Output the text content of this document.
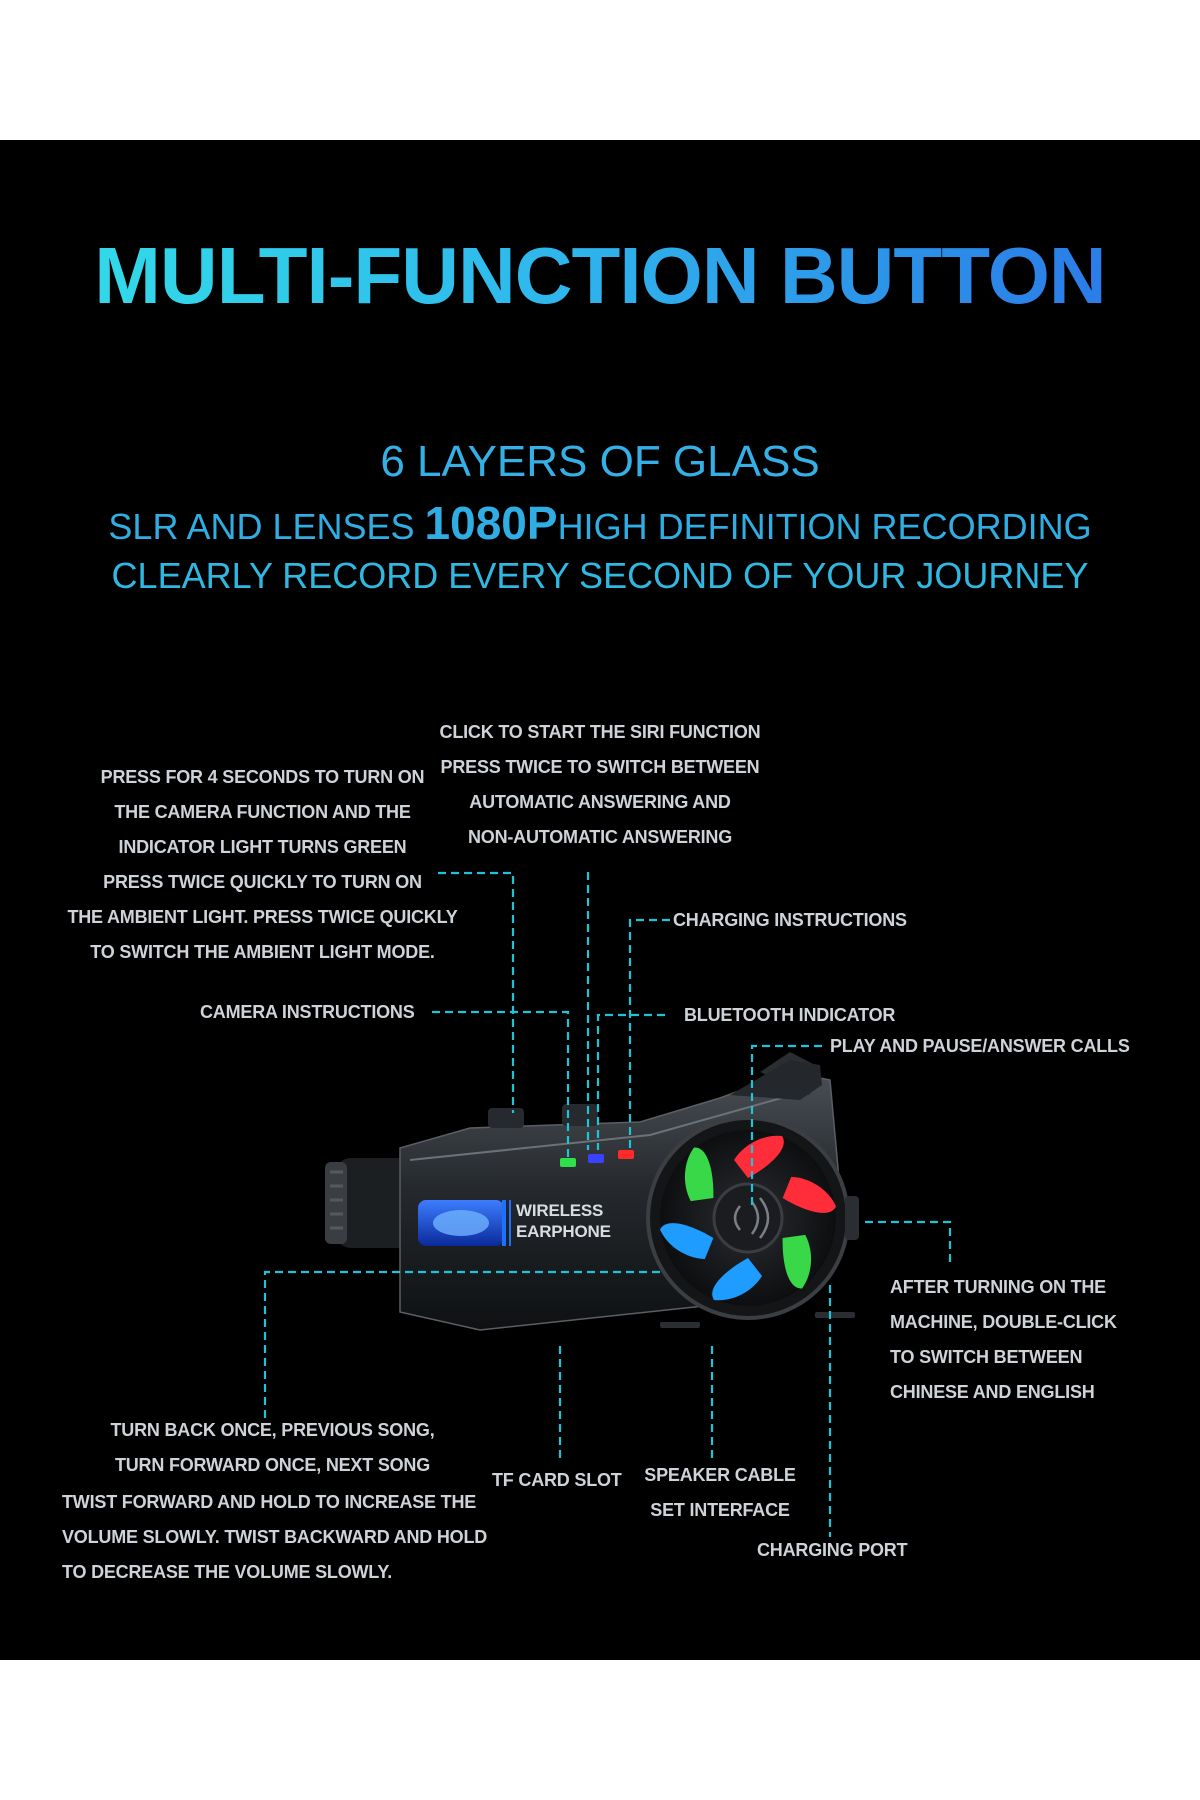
MULTI-FUNCTION BUTTON
6 LAYERS OF GLASS
SLR AND LENSES 1080PHIGH DEFINITION RECORDING
CLEARLY RECORD EVERY SECOND OF YOUR JOURNEY
PRESS FOR 4 SECONDS TO TURN ON
THE CAMERA FUNCTION AND THE
INDICATOR LIGHT TURNS GREEN
PRESS TWICE QUICKLY TO TURN ON
THE AMBIENT LIGHT. PRESS TWICE QUICKLY
TO SWITCH THE AMBIENT LIGHT MODE.
CLICK TO START THE SIRI FUNCTION
PRESS TWICE TO SWITCH BETWEEN
AUTOMATIC ANSWERING AND
NON-AUTOMATIC ANSWERING
CHARGING INSTRUCTIONS
CAMERA INSTRUCTIONS	BLUETOOTH INDICATOR
PLAY AND PAUSE/ANSWER CALLS
AFTER TURNING ON THE
MACHINE, DOUBLE-CLICK
TO SWITCH BETWEEN
CHINESE AND ENGLISH
TURN BACK ONCE, PREVIOUS SONG,
TURN FORWARD ONCE, NEXT SONG
TWIST FORWARD AND HOLD TO INCREASE THE
VOLUME SLOWLY. TWIST BACKWARD AND HOLD
TO DECREASE THE VOLUME SLOWLY.
TF CARD SLOT	SPEAKER CABLE
SET INTERFACE
CHARGING PORT
WIRELESS
EARPHONE
